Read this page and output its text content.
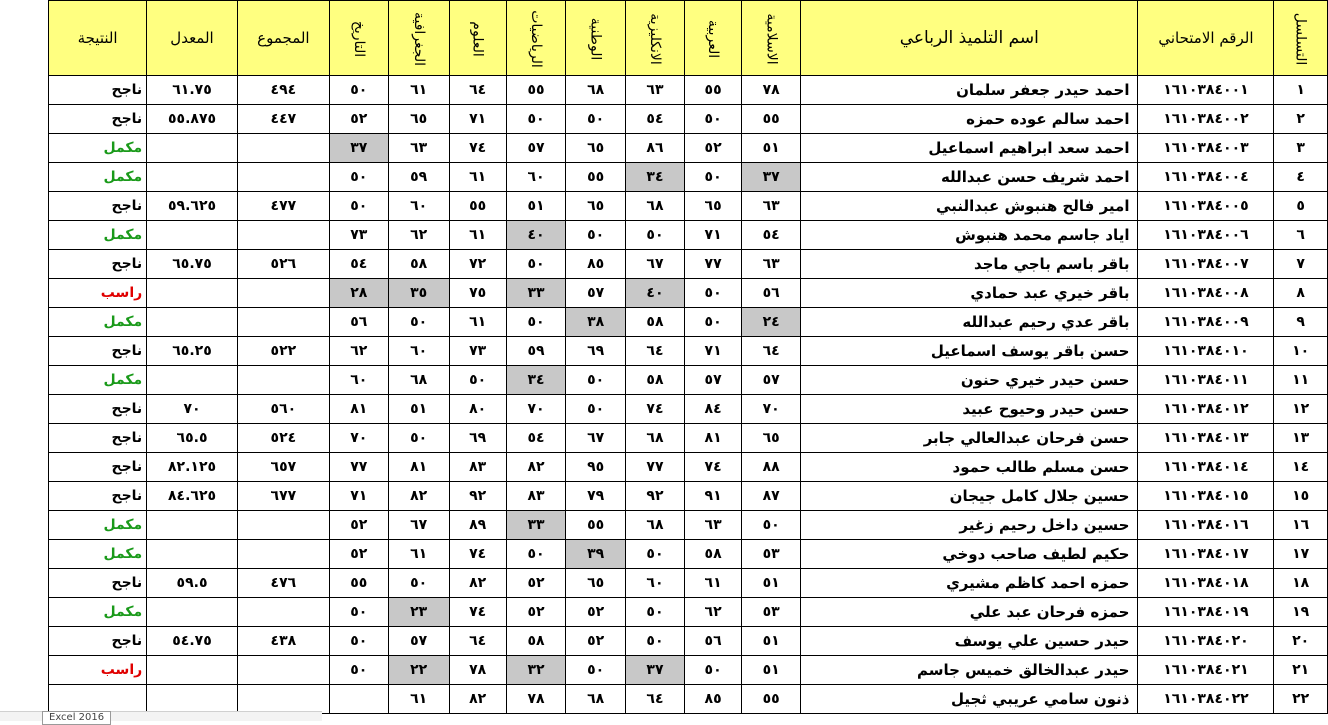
التسلسل	الرقم الامتحاني	اسم التلميذ الرباعي	الاسلامية	العربية	الانكليزية	الوطنية	الرياضيات	العلوم	الجغرافية	التاريخ	المجموع	المعدل	النتيجة
١	١٦١٠٣٨٤٠٠١	احمد حيدر جعفر سلمان	٧٨	٥٥	٦٣	٦٨	٥٥	٦٤	٦١	٥٠	٤٩٤	٦١.٧٥	ناجح
٢	١٦١٠٣٨٤٠٠٢	احمد سالم عوده حمزه	٥٥	٥٠	٥٤	٥٠	٥٠	٧١	٦٥	٥٢	٤٤٧	٥٥.٨٧٥	ناجح
٣	١٦١٠٣٨٤٠٠٣	احمد سعد ابراهيم اسماعيل	٥١	٥٢	٨٦	٦٥	٥٧	٧٤	٦٣	٣٧			مكمل
٤	١٦١٠٣٨٤٠٠٤	احمد شريف حسن عبدالله	٣٧	٥٠	٣٤	٥٥	٦٠	٦١	٥٩	٥٠			مكمل
٥	١٦١٠٣٨٤٠٠٥	امير فالح هنبوش عبدالنبي	٦٣	٦٥	٦٨	٦٥	٥١	٥٥	٦٠	٥٠	٤٧٧	٥٩.٦٢٥	ناجح
٦	١٦١٠٣٨٤٠٠٦	اياد جاسم محمد هنبوش	٥٤	٧١	٥٠	٥٠	٤٠	٦١	٦٢	٧٣			مكمل
٧	١٦١٠٣٨٤٠٠٧	باقر باسم باجي ماجد	٦٣	٧٧	٦٧	٨٥	٥٠	٧٢	٥٨	٥٤	٥٢٦	٦٥.٧٥	ناجح
٨	١٦١٠٣٨٤٠٠٨	باقر خيري عبد حمادي	٥٦	٥٠	٤٠	٥٧	٣٣	٧٥	٣٥	٢٨			راسب
٩	١٦١٠٣٨٤٠٠٩	باقر عدي رحيم عبدالله	٢٤	٥٠	٥٨	٣٨	٥٠	٦١	٥٠	٥٦			مكمل
١٠	١٦١٠٣٨٤٠١٠	حسن باقر يوسف اسماعيل	٦٤	٧١	٦٤	٦٩	٥٩	٧٣	٦٠	٦٢	٥٢٢	٦٥.٢٥	ناجح
١١	١٦١٠٣٨٤٠١١	حسن حيدر خيري حنون	٥٧	٥٧	٥٨	٥٠	٣٤	٥٠	٦٨	٦٠			مكمل
١٢	١٦١٠٣٨٤٠١٢	حسن حيدر وحيوح عبيد	٧٠	٨٤	٧٤	٥٠	٧٠	٨٠	٥١	٨١	٥٦٠	٧٠	ناجح
١٣	١٦١٠٣٨٤٠١٣	حسن فرحان عبدالعالي جابر	٦٥	٨١	٦٨	٦٧	٥٤	٦٩	٥٠	٧٠	٥٢٤	٦٥.٥	ناجح
١٤	١٦١٠٣٨٤٠١٤	حسن مسلم طالب حمود	٨٨	٧٤	٧٧	٩٥	٨٢	٨٣	٨١	٧٧	٦٥٧	٨٢.١٢٥	ناجح
١٥	١٦١٠٣٨٤٠١٥	حسين جلال كامل جيجان	٨٧	٩١	٩٢	٧٩	٨٣	٩٢	٨٢	٧١	٦٧٧	٨٤.٦٢٥	ناجح
١٦	١٦١٠٣٨٤٠١٦	حسين داخل رحيم زغير	٥٠	٦٣	٦٨	٥٥	٣٣	٨٩	٦٧	٥٢			مكمل
١٧	١٦١٠٣٨٤٠١٧	حكيم لطيف صاحب دوخي	٥٣	٥٨	٥٠	٣٩	٥٠	٧٤	٦١	٥٢			مكمل
١٨	١٦١٠٣٨٤٠١٨	حمزه احمد كاظم مشيري	٥١	٦١	٦٠	٦٥	٥٢	٨٢	٥٠	٥٥	٤٧٦	٥٩.٥	ناجح
١٩	١٦١٠٣٨٤٠١٩	حمزه فرحان عبد علي	٥٣	٦٢	٥٠	٥٢	٥٢	٧٤	٢٣	٥٠			مكمل
٢٠	١٦١٠٣٨٤٠٢٠	حيدر حسين علي يوسف	٥١	٥٦	٥٠	٥٢	٥٨	٦٤	٥٧	٥٠	٤٣٨	٥٤.٧٥	ناجح
٢١	١٦١٠٣٨٤٠٢١	حيدر عبدالخالق خميس جاسم	٥١	٥٠	٣٧	٥٠	٣٢	٧٨	٢٢	٥٠			راسب
٢٢	١٦١٠٣٨٤٠٢٢	ذنون سامي عريبي ثجيل	٥٥	٨٥	٦٤	٦٨	٧٨	٨٢	٦١				
Excel 2016
